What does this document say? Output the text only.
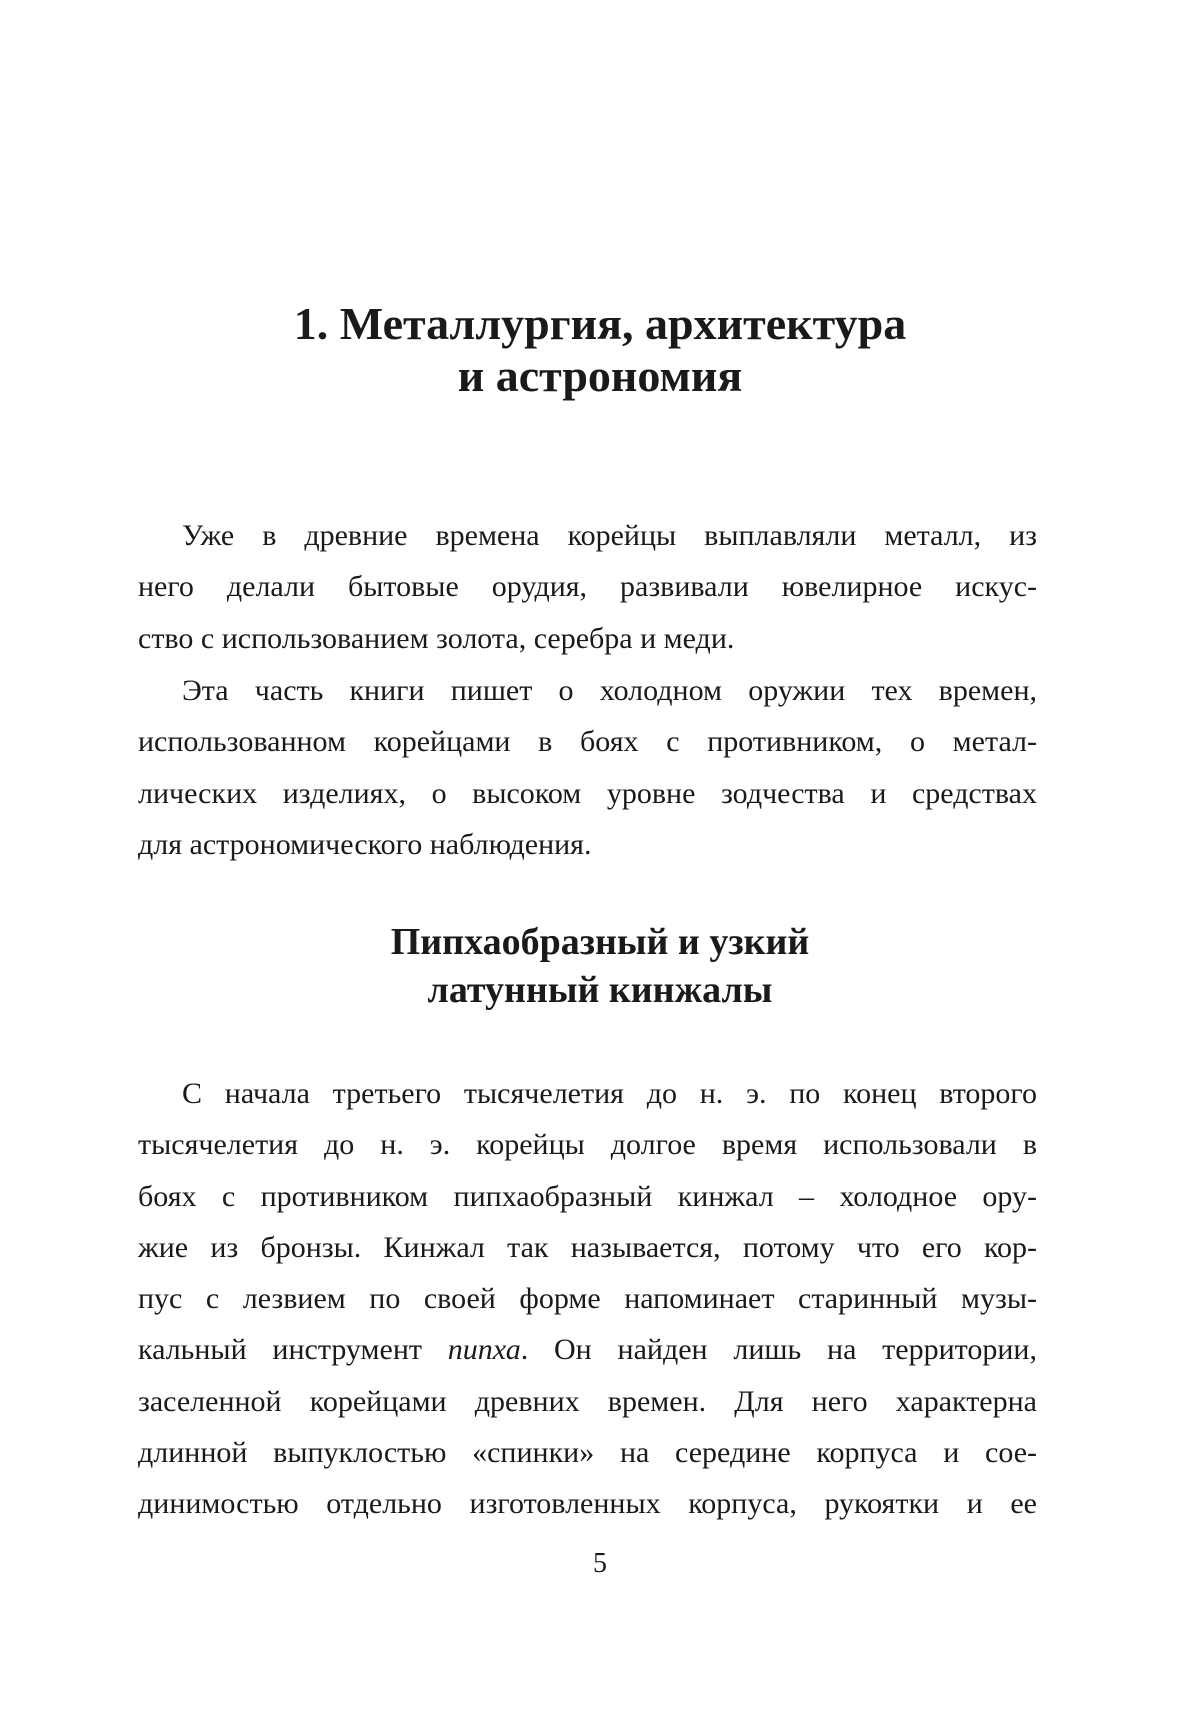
1. Металлургия, архитектура
и астрономия

Уже в древние времена корейцы выплавляли металл, из
него делали бытовые орудия, развивали ювелирное искус-
ство с использованием золота, серебра и меди.

Эта часть книги пишет о холодном оружии тех времен,
использованном корейцами в боях с противником, о метал-
лических изделиях, о высоком уровне зодчества и средствах
для астрономического наблюдения.

Пипхаобразный и узкий
латунный кинжалы

С начала третьего тысячелетия до н. э. по конец второго
тысячелетия до н. э. корейцы долгое время использовали в
боях с противником пипхаобразный кинжал – холодное ору-
жие из бронзы. Кинжал так называется, потому что его кор-
пус с лезвием по своей форме напоминает старинный музы-
кальный инструмент пипха. Он найден лишь на территории,
заселенной корейцами древних времен. Для него характерна
длинной выпуклостью «спинки» на середине корпуса и сое-
динимостью отдельно изготовленных корпуса, рукоятки и ее

5
